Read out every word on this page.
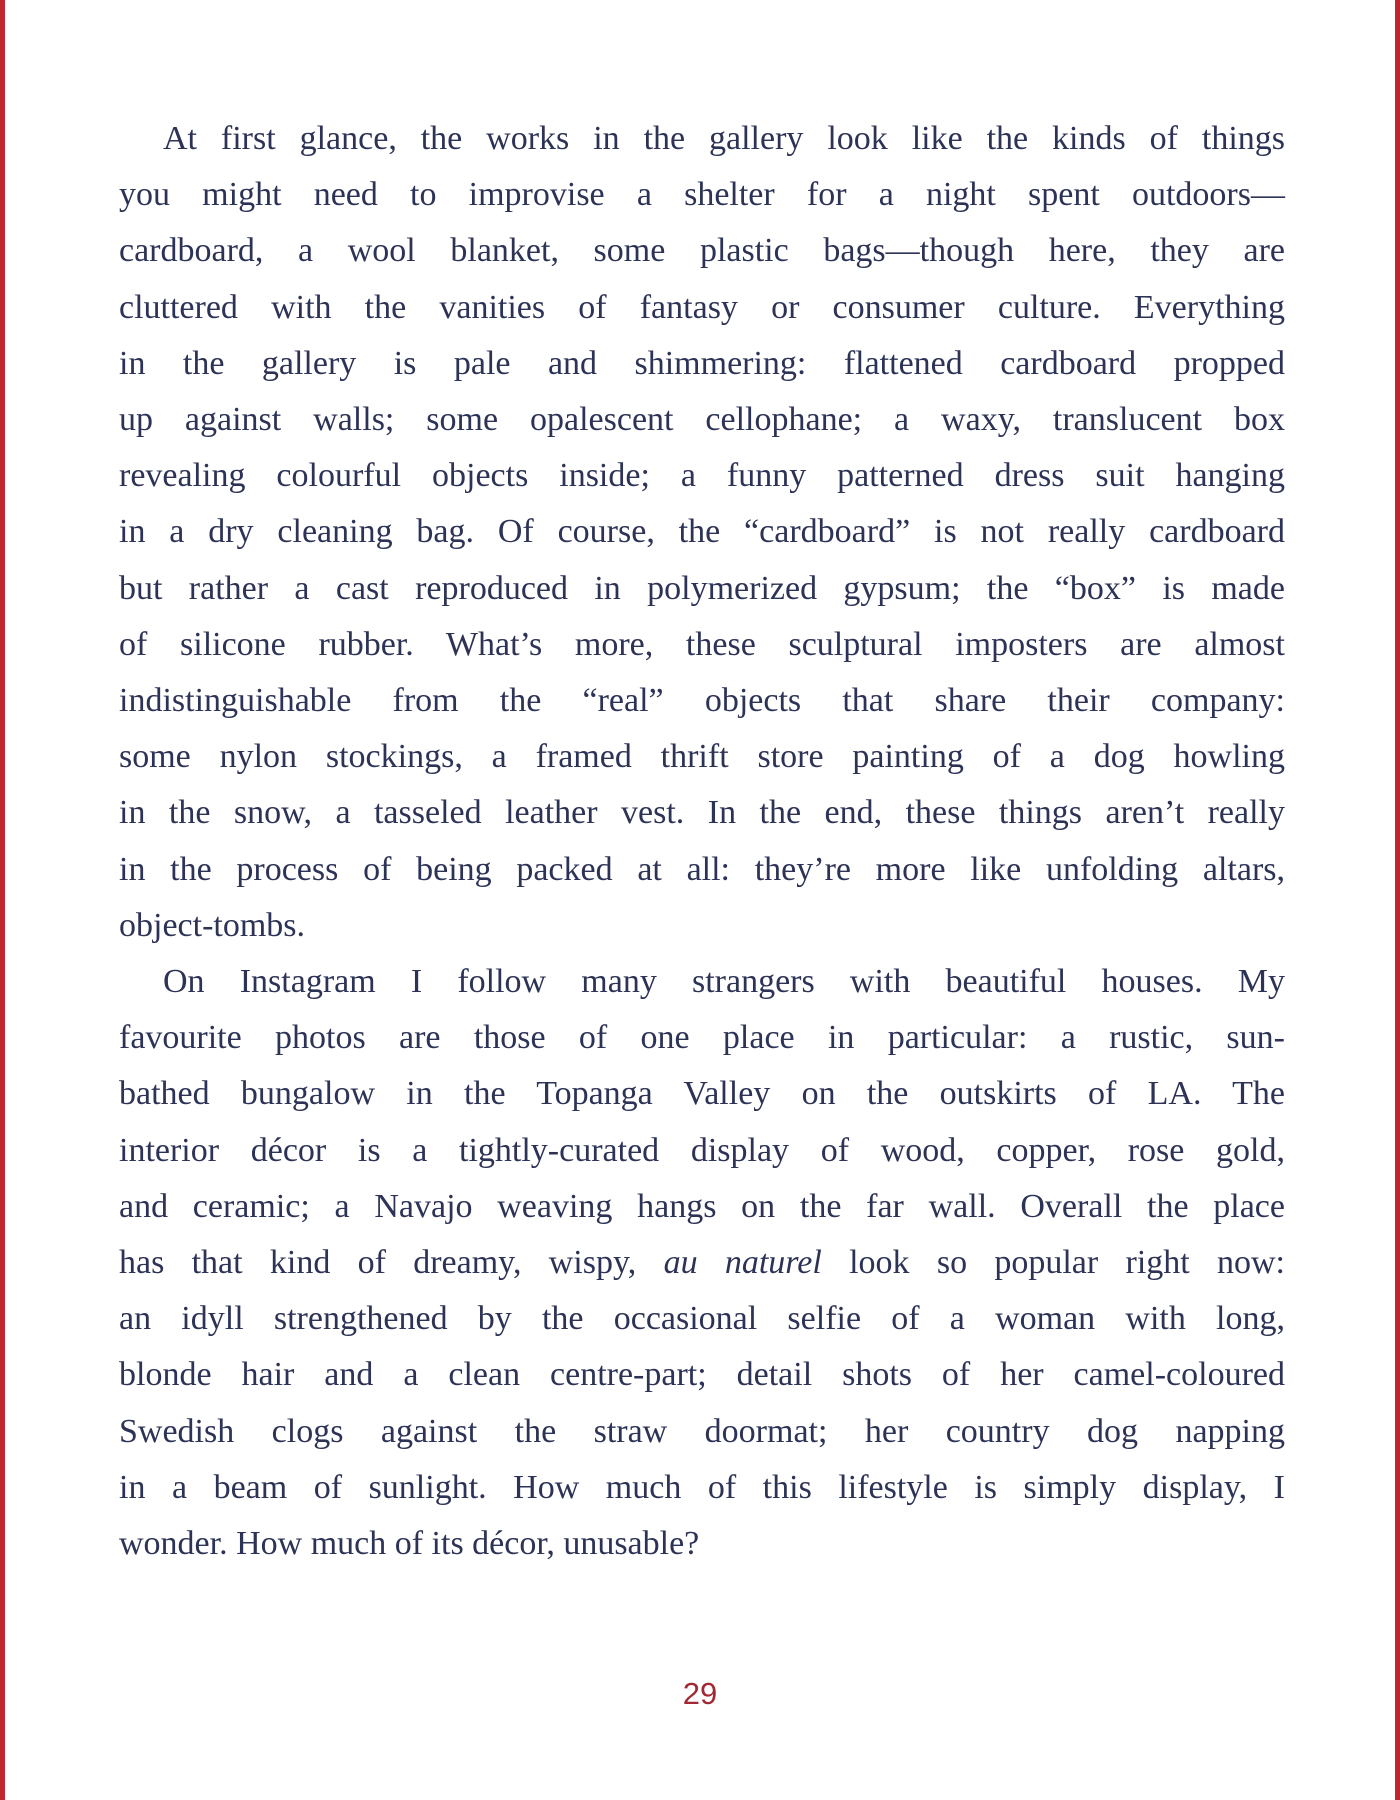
At first glance, the works in the gallery look like the kinds of things
you might need to improvise a shelter for a night spent outdoors—
cardboard, a wool blanket, some plastic bags—though here, they are
cluttered with the vanities of fantasy or consumer culture. Everything
in the gallery is pale and shimmering: flattened cardboard propped
up against walls; some opalescent cellophane; a waxy, translucent box
revealing colourful objects inside; a funny patterned dress suit hanging
in a dry cleaning bag. Of course, the “cardboard” is not really cardboard
but rather a cast reproduced in polymerized gypsum; the “box” is made
of silicone rubber. What’s more, these sculptural imposters are almost
indistinguishable from the “real” objects that share their company:
some nylon stockings, a framed thrift store painting of a dog howling
in the snow, a tasseled leather vest. In the end, these things aren’t really
in the process of being packed at all: they’re more like unfolding altars,
object-tombs.
On Instagram I follow many strangers with beautiful houses. My
favourite photos are those of one place in particular: a rustic, sun-
bathed bungalow in the Topanga Valley on the outskirts of LA. The
interior décor is a tightly-curated display of wood, copper, rose gold,
and ceramic; a Navajo weaving hangs on the far wall. Overall the place
has that kind of dreamy, wispy, au naturel look so popular right now:
an idyll strengthened by the occasional selfie of a woman with long,
blonde hair and a clean centre-part; detail shots of her camel-coloured
Swedish clogs against the straw doormat; her country dog napping
in a beam of sunlight. How much of this lifestyle is simply display, I
wonder. How much of its décor, unusable?
29
